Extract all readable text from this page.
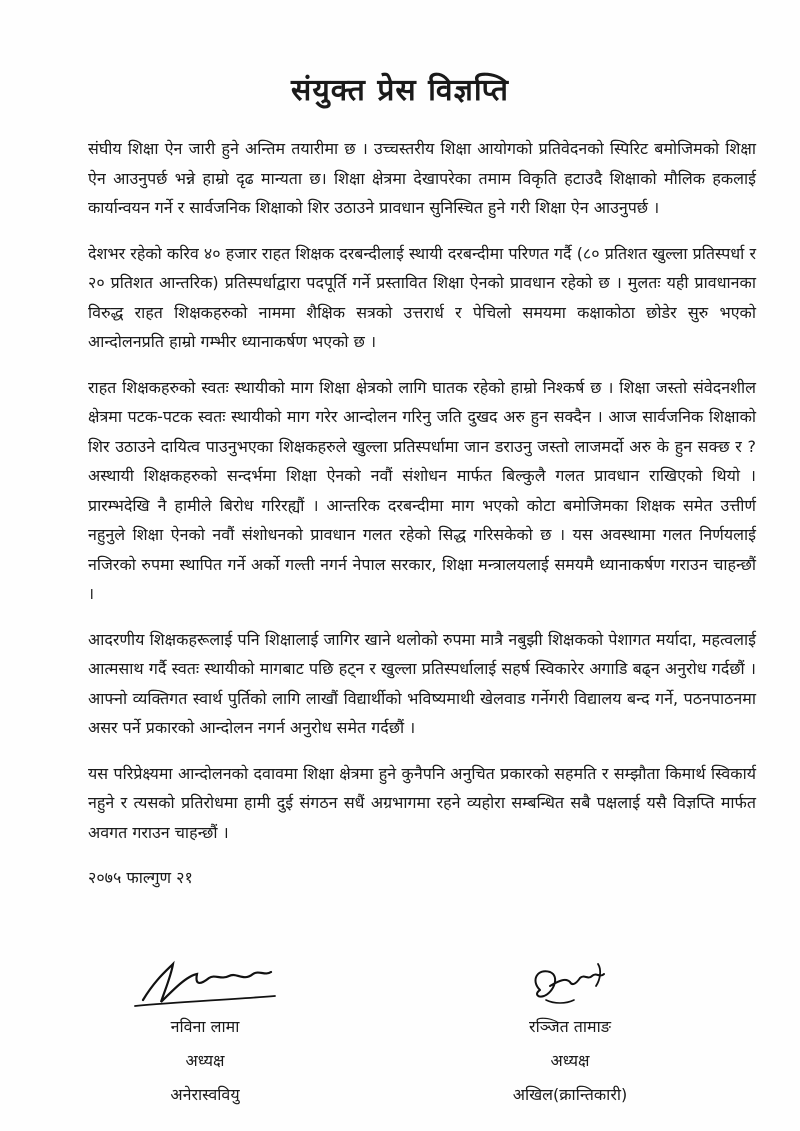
संयुक्त प्रेस विज्ञप्ति

संघीय शिक्षा ऐन जारी हुने अन्तिम तयारीमा छ । उच्चस्तरीय शिक्षा आयोगको प्रतिवेदनको स्पिरिट बमोजिमको शिक्षा ऐन आउनुपर्छ भन्ने हाम्रो दृढ मान्यता छ। शिक्षा क्षेत्रमा देखापरेका तमाम विकृति हटाउदै शिक्षाको मौलिक हकलाई कार्यान्वयन गर्ने र सार्वजनिक शिक्षाको शिर उठाउने प्रावधान सुनिस्चित हुने गरी शिक्षा ऐन आउनुपर्छ ।

देशभर रहेको करिव ४० हजार राहत शिक्षक दरबन्दीलाई स्थायी दरबन्दीमा परिणत गर्दै (८० प्रतिशत खुल्ला प्रतिस्पर्धा र २० प्रतिशत आन्तरिक) प्रतिस्पर्धाद्वारा पदपूर्ति गर्ने प्रस्तावित शिक्षा ऐनको प्रावधान रहेको छ । मुलतः यही प्रावधानका विरुद्ध राहत शिक्षकहरुको नाममा शैक्षिक सत्रको उत्तरार्ध र पेचिलो समयमा कक्षाकोठा छोडेर सुरु भएको आन्दोलनप्रति हाम्रो गम्भीर ध्यानाकर्षण भएको छ ।

राहत शिक्षकहरुको स्वतः स्थायीको माग शिक्षा क्षेत्रको लागि घातक रहेको हाम्रो निश्कर्ष छ । शिक्षा जस्तो संवेदनशील क्षेत्रमा पटक-पटक स्वतः स्थायीको माग गरेर आन्दोलन गरिनु जति दुखद अरु हुन सक्दैन । आज सार्वजनिक शिक्षाको शिर उठाउने दायित्व पाउनुभएका शिक्षकहरुले खुल्ला प्रतिस्पर्धामा जान डराउनु जस्तो लाजमर्दो अरु के हुन सक्छ र ? अस्थायी शिक्षकहरुको सन्दर्भमा शिक्षा ऐनको नवौं संशोधन मार्फत बिल्कुलै गलत प्रावधान राखिएको थियो । प्रारम्भदेखि नै हामीले बिरोध गरिरह्यौं । आन्तरिक दरबन्दीमा माग भएको कोटा बमोजिमका शिक्षक समेत उत्तीर्ण नहुनुले शिक्षा ऐनको नवौं संशोधनको प्रावधान गलत रहेको सिद्ध गरिसकेको छ । यस अवस्थामा गलत निर्णयलाई नजिरको रुपमा स्थापित गर्ने अर्को गल्ती नगर्न नेपाल सरकार, शिक्षा मन्त्रालयलाई समयमै ध्यानाकर्षण गराउन चाहन्छौं ।

आदरणीय शिक्षकहरूलाई पनि शिक्षालाई जागिर खाने थलोको रुपमा मात्रै नबुझी शिक्षकको पेशागत मर्यादा, महत्वलाई आत्मसाथ गर्दै स्वतः स्थायीको मागबाट पछि हट्न र खुल्ला प्रतिस्पर्धालाई सहर्ष स्विकारेर अगाडि बढ्न अनुरोध गर्दछौं । आफ्नो व्यक्तिगत स्वार्थ पुर्तिको लागि लाखौं विद्यार्थीको भविष्यमाथी खेलवाड गर्नेगरी विद्यालय बन्द गर्ने, पठनपाठनमा असर पर्ने प्रकारको आन्दोलन नगर्न अनुरोध समेत गर्दछौं ।

यस परिप्रेक्ष्यमा आन्दोलनको दवावमा शिक्षा क्षेत्रमा हुने कुनैपनि अनुचित प्रकारको सहमति र सम्झौता किमार्थ स्विकार्य नहुने र त्यसको प्रतिरोधमा हामी दुई संगठन सधैं अग्रभागमा रहने व्यहोरा सम्बन्धित सबै पक्षलाई यसै विज्ञप्ति मार्फत अवगत गराउन चाहन्छौं ।

२०७५ फाल्गुण २१
नविना लामा
अध्यक्ष
अनेरास्ववियु
रञ्जित तामाङ
अध्यक्ष
अखिल(क्रान्तिकारी)
